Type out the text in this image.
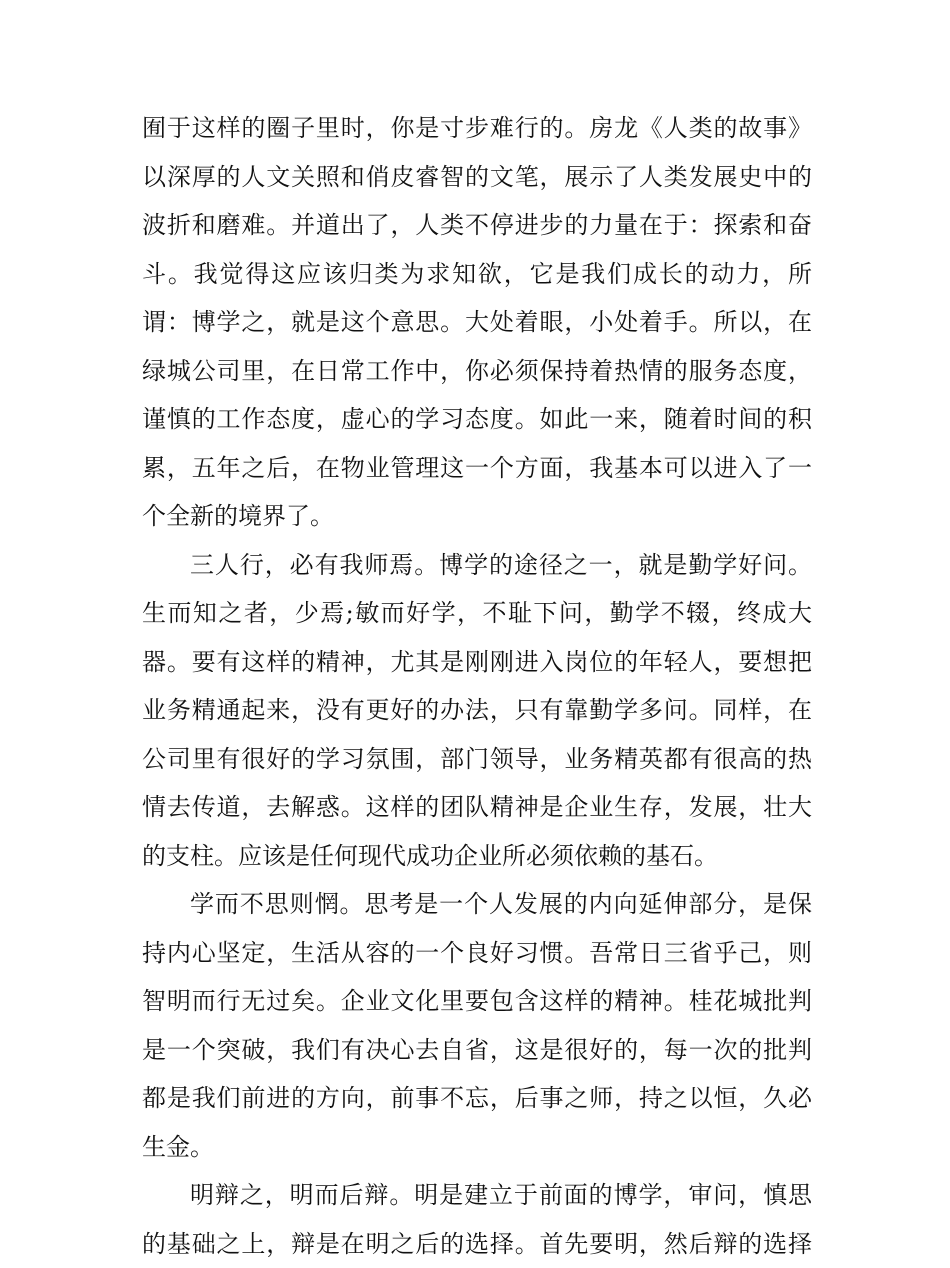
囿于这样的圈子里时，你是寸步难行的。房龙《人类的故事》
以深厚的人文关照和俏皮睿智的文笔，展示了人类发展史中的
波折和磨难。并道出了，人类不停进步的力量在于：探索和奋
斗。我觉得这应该归类为求知欲，它是我们成长的动力，所
谓：博学之，就是这个意思。大处着眼，小处着手。所以，在
绿城公司里，在日常工作中，你必须保持着热情的服务态度，
谨慎的工作态度，虚心的学习态度。如此一来，随着时间的积
累，五年之后，在物业管理这一个方面，我基本可以进入了一
个全新的境界了。
三人行，必有我师焉。博学的途径之一，就是勤学好问。
生而知之者，少焉;敏而好学，不耻下问，勤学不辍，终成大
器。要有这样的精神，尤其是刚刚进入岗位的年轻人，要想把
业务精通起来，没有更好的办法，只有靠勤学多问。同样，在
公司里有很好的学习氛围，部门领导，业务精英都有很高的热
情去传道，去解惑。这样的团队精神是企业生存，发展，壮大
的支柱。应该是任何现代成功企业所必须依赖的基石。
学而不思则惘。思考是一个人发展的内向延伸部分，是保
持内心坚定，生活从容的一个良好习惯。吾常日三省乎己，则
智明而行无过矣。企业文化里要包含这样的精神。桂花城批判
是一个突破，我们有决心去自省，这是很好的，每一次的批判
都是我们前进的方向，前事不忘，后事之师，持之以恒，久必
生金。
明辩之，明而后辩。明是建立于前面的博学，审问，慎思
的基础之上，辩是在明之后的选择。首先要明，然后辩的选择
